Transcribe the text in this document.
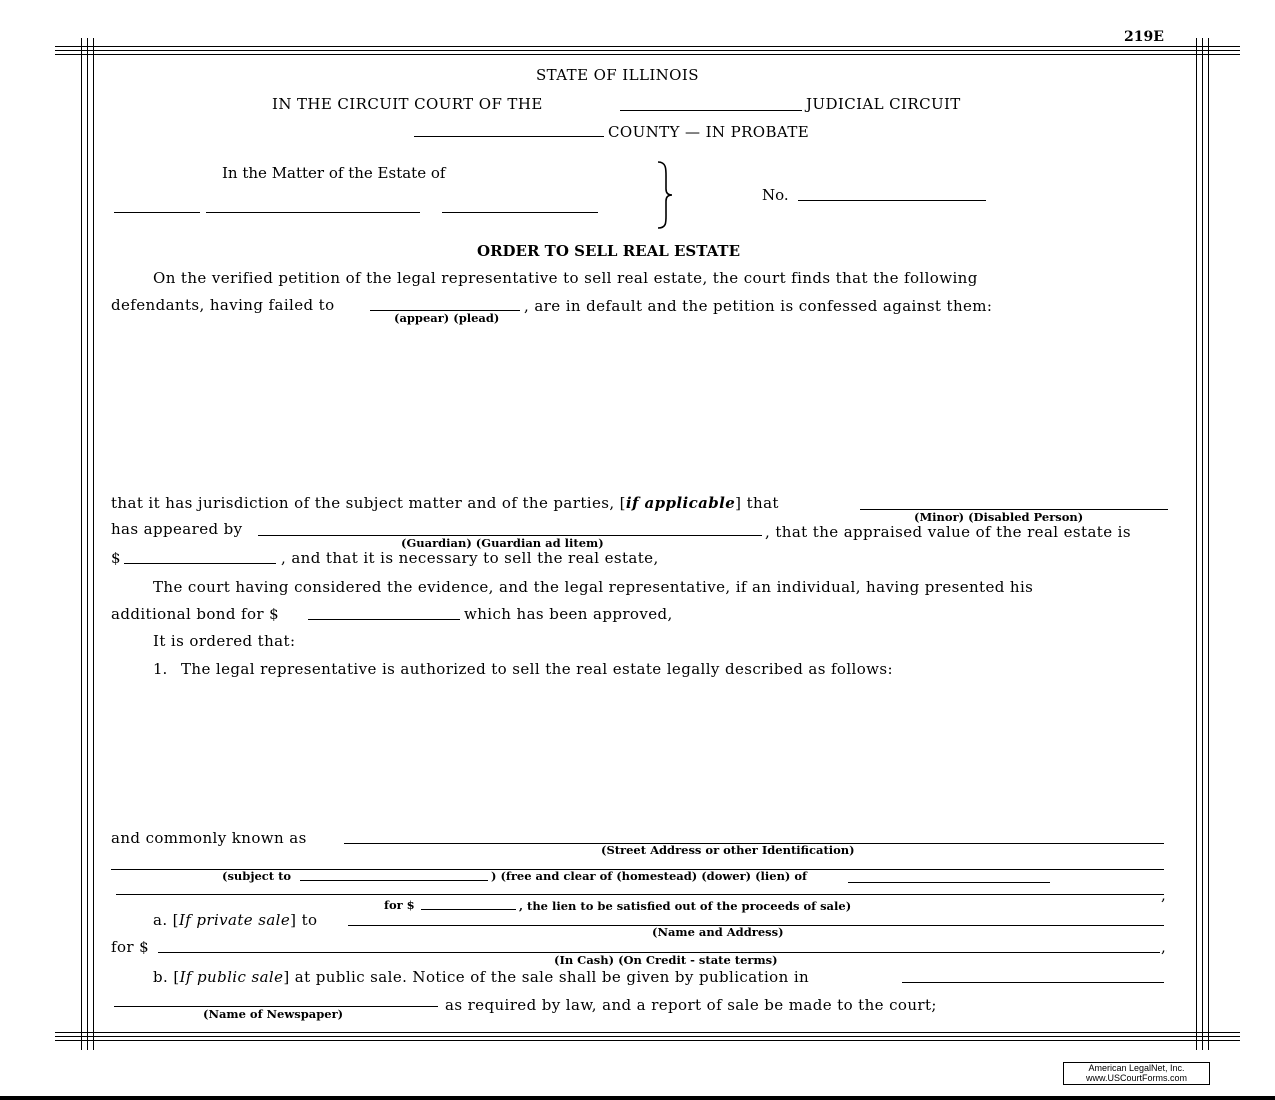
219E
STATE OF ILLINOIS
IN THE CIRCUIT COURT OF THE	JUDICIAL CIRCUIT
COUNTY — IN PROBATE
In the Matter of the Estate of
No.
ORDER TO SELL REAL ESTATE
On the verified petition of the legal representative to sell real estate, the court finds that the following
defendants, having failed to
(appear) (plead)
, are in default and the petition is confessed against them:
that it has jurisdiction of the subject matter and of the parties, [if applicable] that
(Minor) (Disabled Person)
has appeared by
(Guardian) (Guardian ad litem)
, that the appraised value of the real estate is
$	, and that it is necessary to sell the real estate,
The court having considered the evidence, and the legal representative, if an individual, having presented his
additional bond for $	which has been approved,
It is ordered that:
1. The legal representative is authorized to sell the real estate legally described as follows:
and commonly known as
(Street Address or other Identification)
(subject to	) (free and clear of (homestead) (dower) (lien) of
for $	, the lien to be satisfied out of the proceeds of sale)
,
a. [If private sale] to
(Name and Address)
for $	,
(In Cash) (On Credit - state terms)
b. [If public sale] at public sale. Notice of the sale shall be given by publication in
(Name of Newspaper)	as required by law, and a report of sale be made to the court;
American LegalNet, Inc.
www.USCourtForms.com
